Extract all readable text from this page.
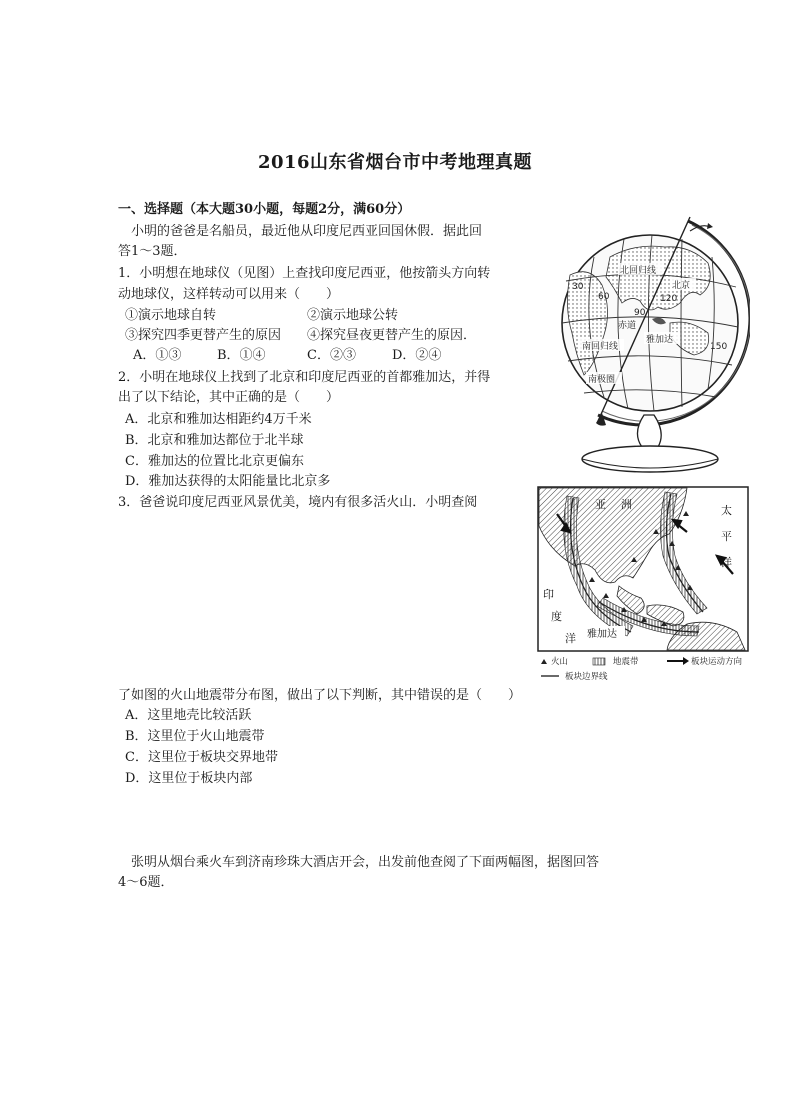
2016山东省烟台市中考地理真题
一、选择题（本大题30小题，每题2分，满60分）
小明的爸爸是名船员，最近他从印度尼西亚回国休假．据此回
答1～3题．
1．小明想在地球仪（见图）上查找印度尼西亚，他按箭头方向转
动地球仪，这样转动可以用来（　　）
①演示地球自转	②演示地球公转
③探究四季更替产生的原因 ④探究昼夜更替产生的原因．
A．①③	B．①④	C．②③	D．②④
2．小明在地球仪上找到了北京和印度尼西亚的首都雅加达，并得
出了以下结论，其中正确的是（　　）
A．北京和雅加达相距约4万千米
B．北京和雅加达都位于北半球
C．雅加达的位置比北京更偏东
D．雅加达获得的太阳能量比北京多
3．爸爸说印度尼西亚风景优美，境内有很多活火山．小明查阅
了如图的火山地震带分布图，做出了以下判断，其中错误的是（　　）
A．这里地壳比较活跃
B．这里位于火山地震带
C．这里位于板块交界地带
D．这里位于板块内部
张明从烟台乘火车到济南珍珠大酒店开会，出发前他查阅了下面两幅图，据图回答
4～6题．
北回归线
北京
赤道
雅加达
南回归线
南极圈
30
60
90
120
150
亚 洲	太
平
洋
印
度
洋 雅加达
火山	地震带	板块运动方向
板块边界线
